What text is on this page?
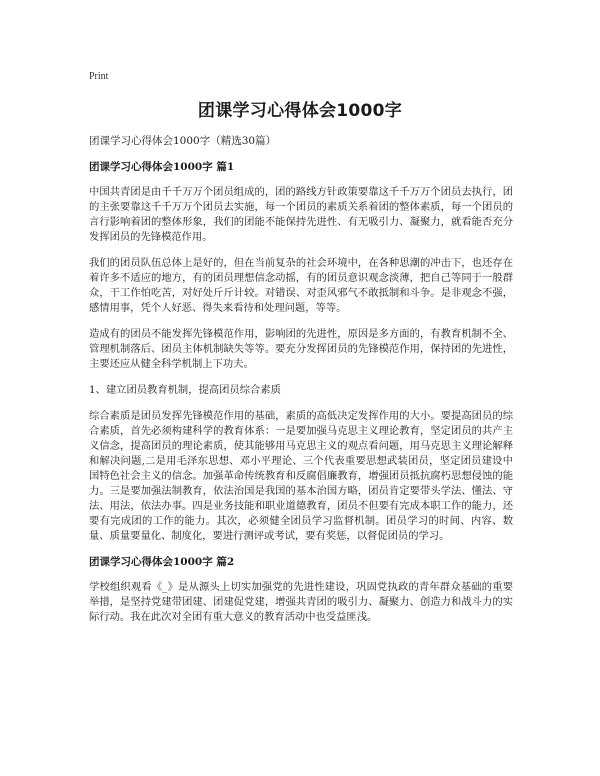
Print
团课学习心得体会1000字
团课学习心得体会1000字（精选30篇）
团课学习心得体会1000字 篇1

中国共青团是由千千万万个团员组成的，团的路线方针政策要靠这千千万万个团员去执行，团的主张要靠这千千万万个团员去实施，每一个团员的素质关系着团的整体素质，每一个团员的言行影响着团的整体形象，我们的团能不能保持先进性、有无吸引力、凝聚力，就看能否充分发挥团员的先锋模范作用。

我们的团员队伍总体上是好的，但在当前复杂的社会环境中，在各种思潮的冲击下，也还存在着许多不适应的地方，有的团员理想信念动摇，有的团员意识观念淡薄，把自己等同于一般群众，干工作怕吃苦，对好处斤斤计较。对错误、对歪风邪气不敢抵制和斗争。是非观念不强，感情用事，凭个人好恶、得失来看待和处理问题，等等。

造成有的团员不能发挥先锋模范作用，影响团的先进性，原因是多方面的，有教育机制不全、管理机制落后、团员主体机制缺失等等。要充分发挥团员的先锋模范作用，保持团的先进性，主要还应从健全科学机制上下功夫。

1、建立团员教育机制，提高团员综合素质

综合素质是团员发挥先锋模范作用的基础，素质的高低决定发挥作用的大小。要提高团员的综合素质，首先必须构建科学的教育体系：一是要加强马克思主义理论教育，坚定团员的共产主义信念，提高团员的理论素质，使其能够用马克思主义的观点看问题，用马克思主义理论解释和解决问题,二是用毛泽东思想、邓小平理论、三个代表重要思想武装团员，坚定团员建设中国特色社会主义的信念。加强革命传统教育和反腐倡廉教育，增强团员抵抗腐朽思想侵蚀的能力。三是要加强法制教育，依法治国是我国的基本治国方略，团员肯定要带头学法、懂法、守法、用法，依法办事。四是业务技能和职业道德教育，团员不但要有完成本职工作的能力，还要有完成团的工作的能力。其次，必须健全团员学习监督机制。团员学习的时间、内容、数量、质量要量化、制度化，要进行测评或考试，要有奖惩，以督促团员的学习。

团课学习心得体会1000字 篇2

学校组织观看《_》是从源头上切实加强党的先进性建设，巩固党执政的青年群众基础的重要举措，是坚持党建带团建、团建促党建，增强共青团的吸引力、凝聚力、创造力和战斗力的实际行动。我在此次对全团有重大意义的教育活动中也受益匪浅。
